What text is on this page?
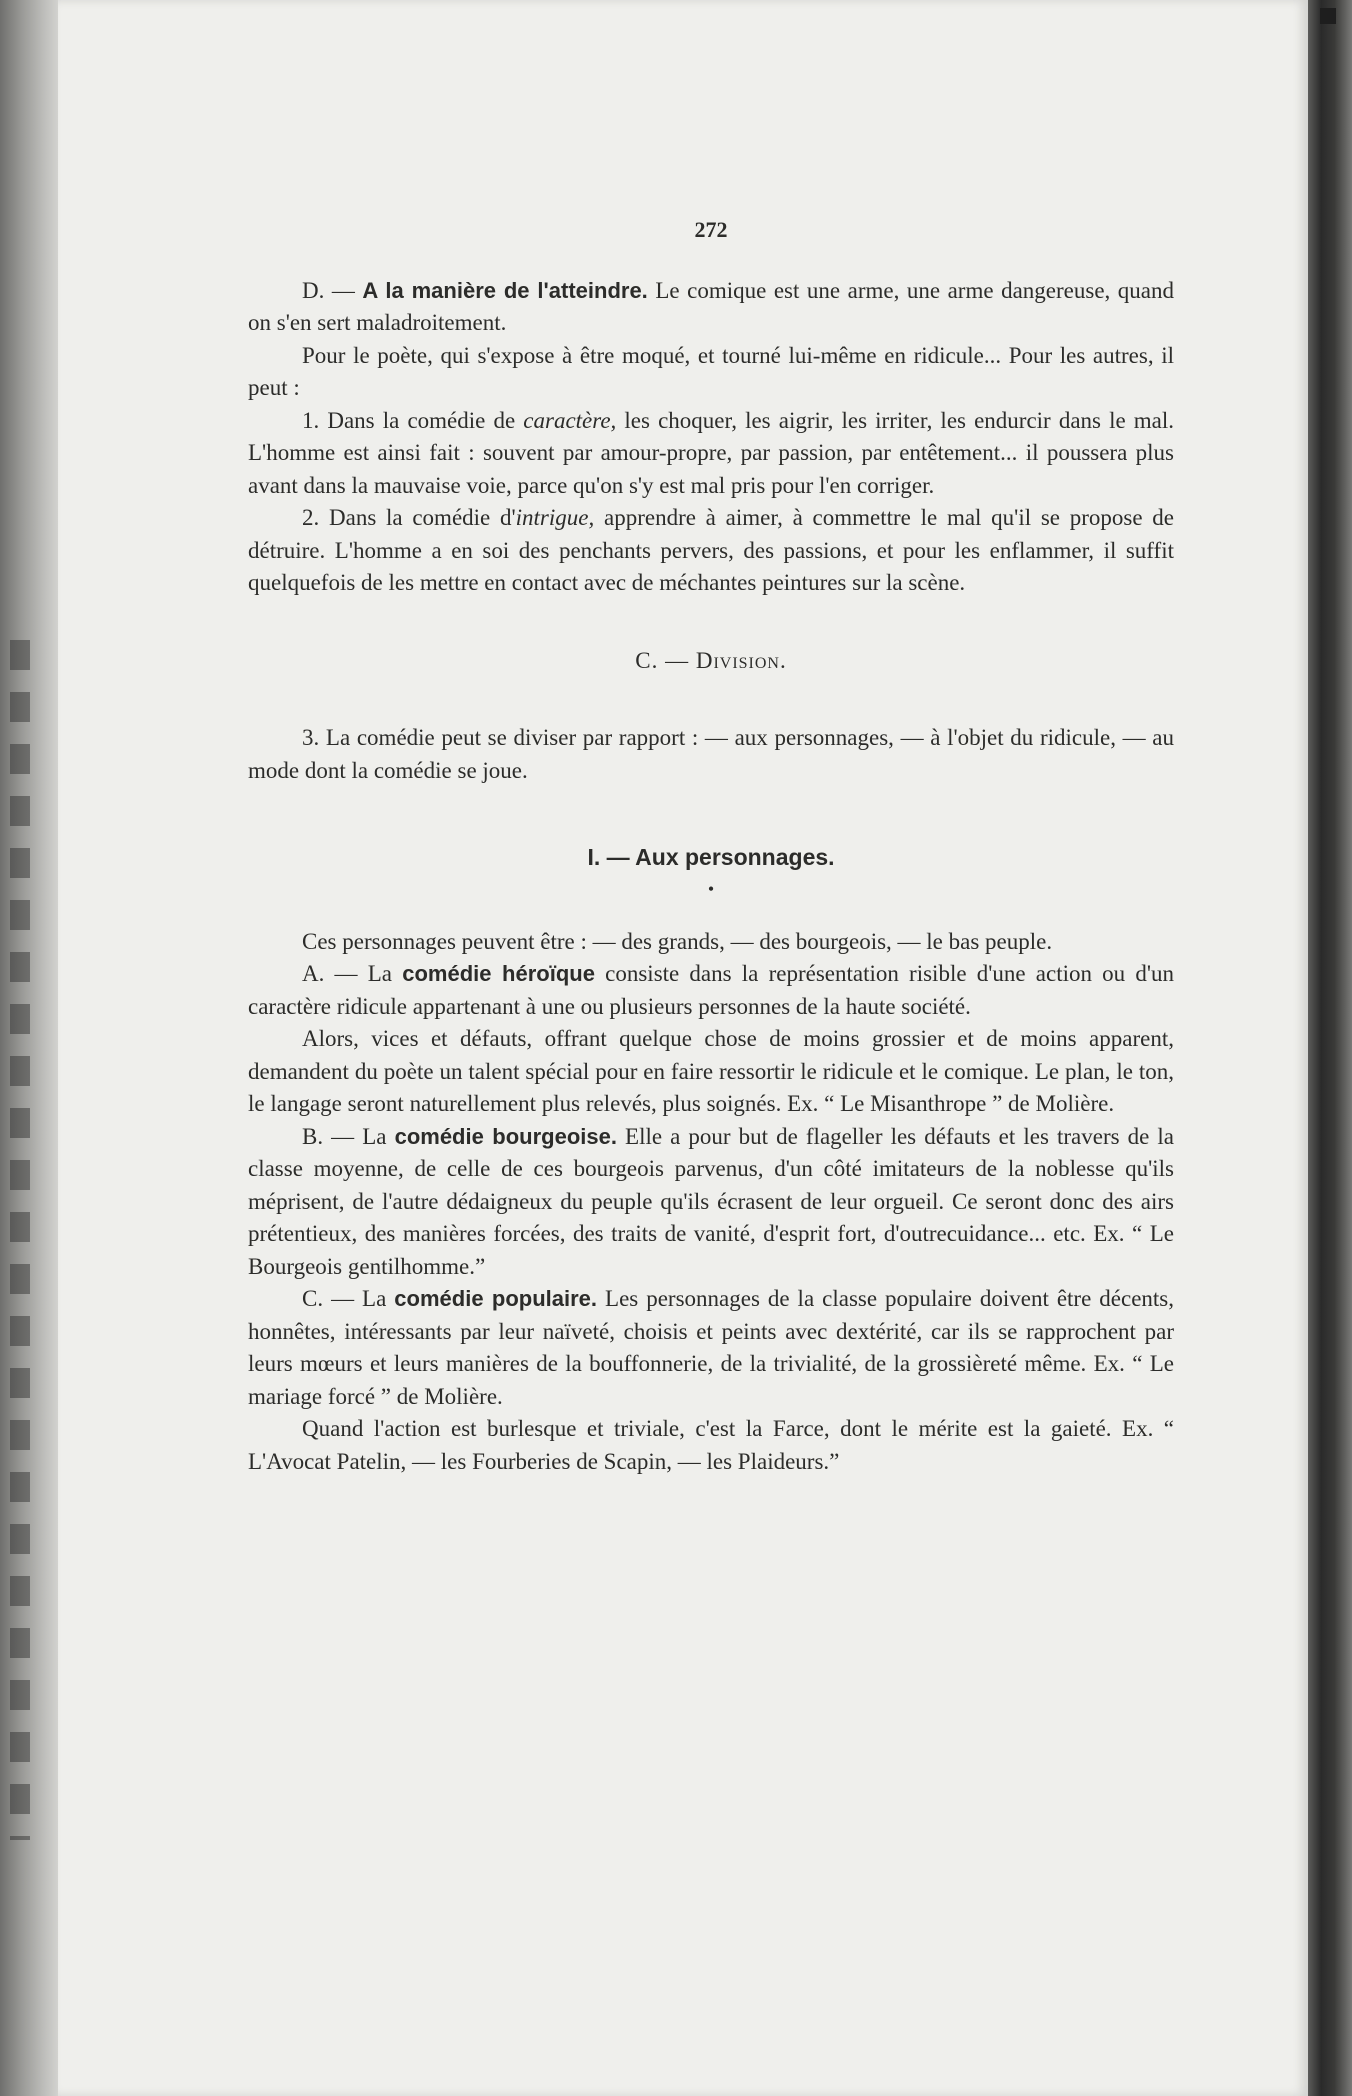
272

D. — A la manière de l'atteindre. Le comique est une arme, une arme dangereuse, quand on s'en sert maladroitement.

Pour le poète, qui s'expose à être moqué, et tourné lui-même en ridicule... Pour les autres, il peut :

1. Dans la comédie de caractère, les choquer, les aigrir, les irriter, les endurcir dans le mal. L'homme est ainsi fait : souvent par amour-propre, par passion, par entêtement... il poussera plus avant dans la mauvaise voie, parce qu'on s'y est mal pris pour l'en corriger.

2. Dans la comédie d'intrigue, apprendre à aimer, à commettre le mal qu'il se propose de détruire. L'homme a en soi des penchants pervers, des passions, et pour les enflammer, il suffit quelquefois de les mettre en contact avec de méchantes peintures sur la scène.

C. — Division.

3. La comédie peut se diviser par rapport : — aux personnages, — à l'objet du ridicule, — au mode dont la comédie se joue.

I. — Aux personnages.
•

Ces personnages peuvent être : — des grands, — des bourgeois, — le bas peuple.

A. — La comédie héroïque consiste dans la représentation risible d'une action ou d'un caractère ridicule appartenant à une ou plusieurs personnes de la haute société.

Alors, vices et défauts, offrant quelque chose de moins grossier et de moins apparent, demandent du poète un talent spécial pour en faire ressortir le ridicule et le comique. Le plan, le ton, le langage seront naturellement plus relevés, plus soignés. Ex. “ Le Misanthrope ” de Molière.

B. — La comédie bourgeoise. Elle a pour but de flageller les défauts et les travers de la classe moyenne, de celle de ces bourgeois parvenus, d'un côté imitateurs de la noblesse qu'ils méprisent, de l'autre dédaigneux du peuple qu'ils écrasent de leur orgueil. Ce seront donc des airs prétentieux, des manières forcées, des traits de vanité, d'esprit fort, d'outrecuidance... etc. Ex. “ Le Bourgeois gentilhomme.”

C. — La comédie populaire. Les personnages de la classe populaire doivent être décents, honnêtes, intéressants par leur naïveté, choisis et peints avec dextérité, car ils se rapprochent par leurs mœurs et leurs manières de la bouffonnerie, de la trivialité, de la grossièreté même. Ex. “ Le mariage forcé ” de Molière.

Quand l'action est burlesque et triviale, c'est la Farce, dont le mérite est la gaieté. Ex. “ L'Avocat Patelin, — les Fourberies de Scapin, — les Plaideurs.”
